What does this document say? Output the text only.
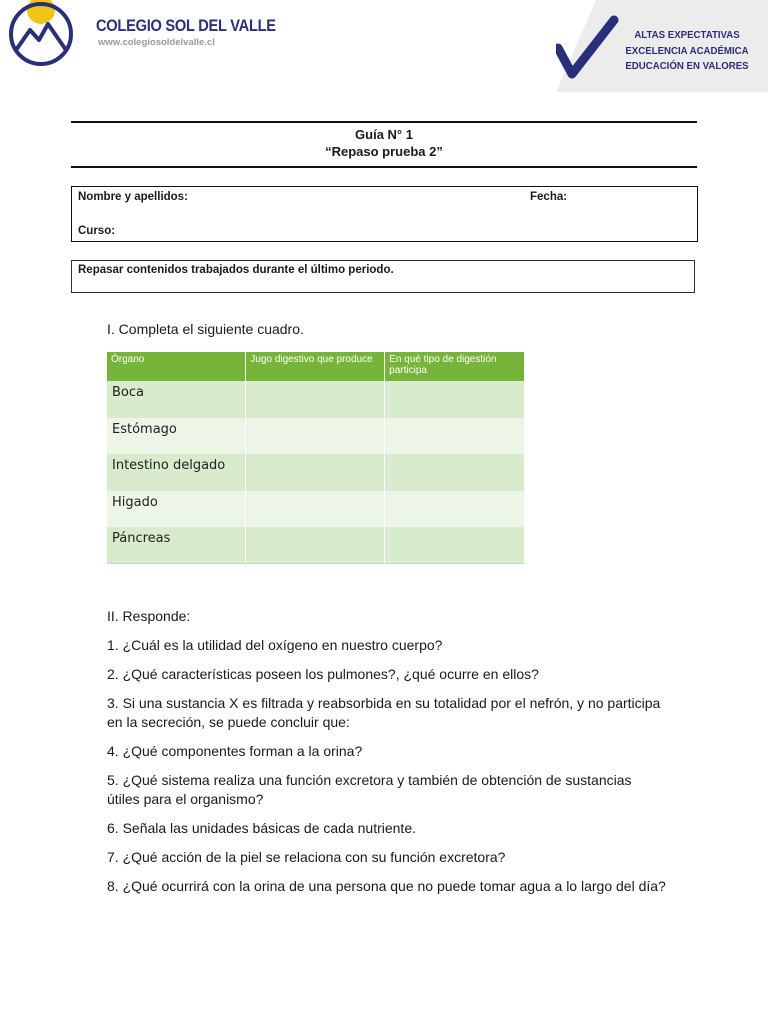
COLEGIO SOL DEL VALLE
www.colegiosoldelvalle.cl
ALTAS EXPECTATIVAS
EXCELENCIA ACADÉMICA
EDUCACIÓN EN VALORES
Guía N° 1
“Repaso prueba 2”
Nombre y apellidos:	Fecha:
Curso:
Repasar contenidos trabajados durante el último periodo.
I. Completa el siguiente cuadro.
Órgano	Jugo digestivo que produce	En qué tipo de digestión participa
Boca		
Estómago		
Intestino delgado		
Higado		
Páncreas		
II. Responde:
1. ¿Cuál es la utilidad del oxígeno en nuestro cuerpo?
2. ¿Qué características poseen los pulmones?, ¿qué ocurre en ellos?
3. Si una sustancia X es filtrada y reabsorbida en su totalidad por el nefrón, y no participa en la secreción, se puede concluir que:
4. ¿Qué componentes forman a la orina?
5. ¿Qué sistema realiza una función excretora y también de obtención de sustancias útiles para el organismo?
6. Señala las unidades básicas de cada nutriente.
7. ¿Qué acción de la piel se relaciona con su función excretora?
8. ¿Qué ocurrirá con la orina de una persona que no puede tomar agua a lo largo del día?
